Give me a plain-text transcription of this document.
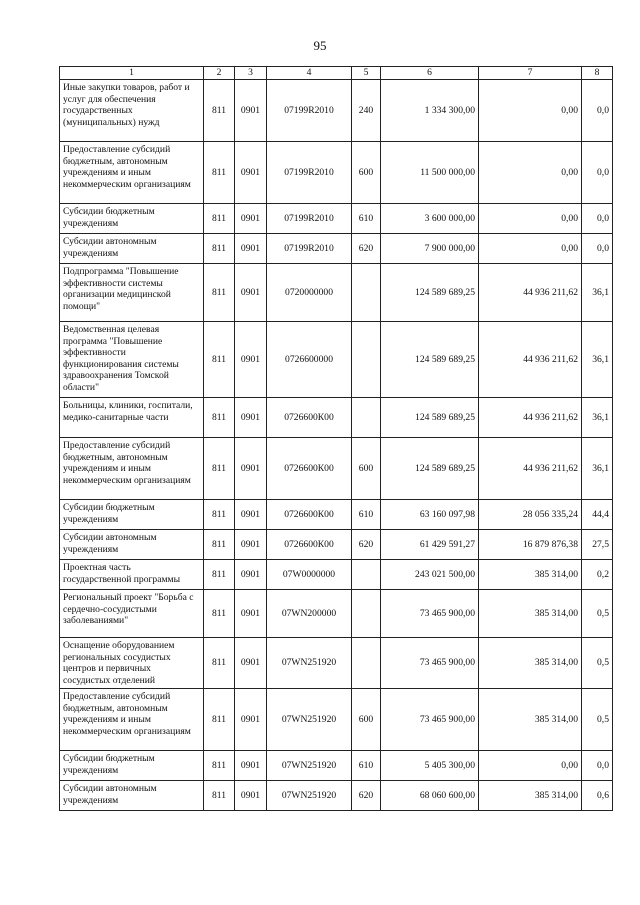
95
1	2	3	4	5	6	7	8
Иные закупки товаров, работ и услуг для обеспечения государственных (муниципальных) нужд	811	0901	07199R2010	240	1 334 300,00	0,00	0,0
Предоставление субсидий бюджетным, автономным учреждениям и иным некоммерческим организациям	811	0901	07199R2010	600	11 500 000,00	0,00	0,0
Субсидии бюджетным учреждениям	811	0901	07199R2010	610	3 600 000,00	0,00	0,0
Субсидии автономным учреждениям	811	0901	07199R2010	620	7 900 000,00	0,00	0,0
Подпрограмма "Повышение эффективности системы организации медицинской помощи"	811	0901	0720000000		124 589 689,25	44 936 211,62	36,1
Ведомственная целевая программа "Повышение эффективности функционирования системы здравоохранения Томской области"	811	0901	0726600000		124 589 689,25	44 936 211,62	36,1
Больницы, клиники, госпитали, медико-санитарные части	811	0901	0726600К00		124 589 689,25	44 936 211,62	36,1
Предоставление субсидий бюджетным, автономным учреждениям и иным некоммерческим организациям	811	0901	0726600К00	600	124 589 689,25	44 936 211,62	36,1
Субсидии бюджетным учреждениям	811	0901	0726600К00	610	63 160 097,98	28 056 335,24	44,4
Субсидии автономным учреждениям	811	0901	0726600К00	620	61 429 591,27	16 879 876,38	27,5
Проектная часть государственной программы	811	0901	07W0000000		243 021 500,00	385 314,00	0,2
Региональный проект "Борьба с сердечно-сосудистыми заболеваниями"	811	0901	07WN200000		73 465 900,00	385 314,00	0,5
Оснащение оборудованием региональных сосудистых центров и первичных сосудистых отделений	811	0901	07WN251920		73 465 900,00	385 314,00	0,5
Предоставление субсидий бюджетным, автономным учреждениям и иным некоммерческим организациям	811	0901	07WN251920	600	73 465 900,00	385 314,00	0,5
Субсидии бюджетным учреждениям	811	0901	07WN251920	610	5 405 300,00	0,00	0,0
Субсидии автономным учреждениям	811	0901	07WN251920	620	68 060 600,00	385 314,00	0,6
